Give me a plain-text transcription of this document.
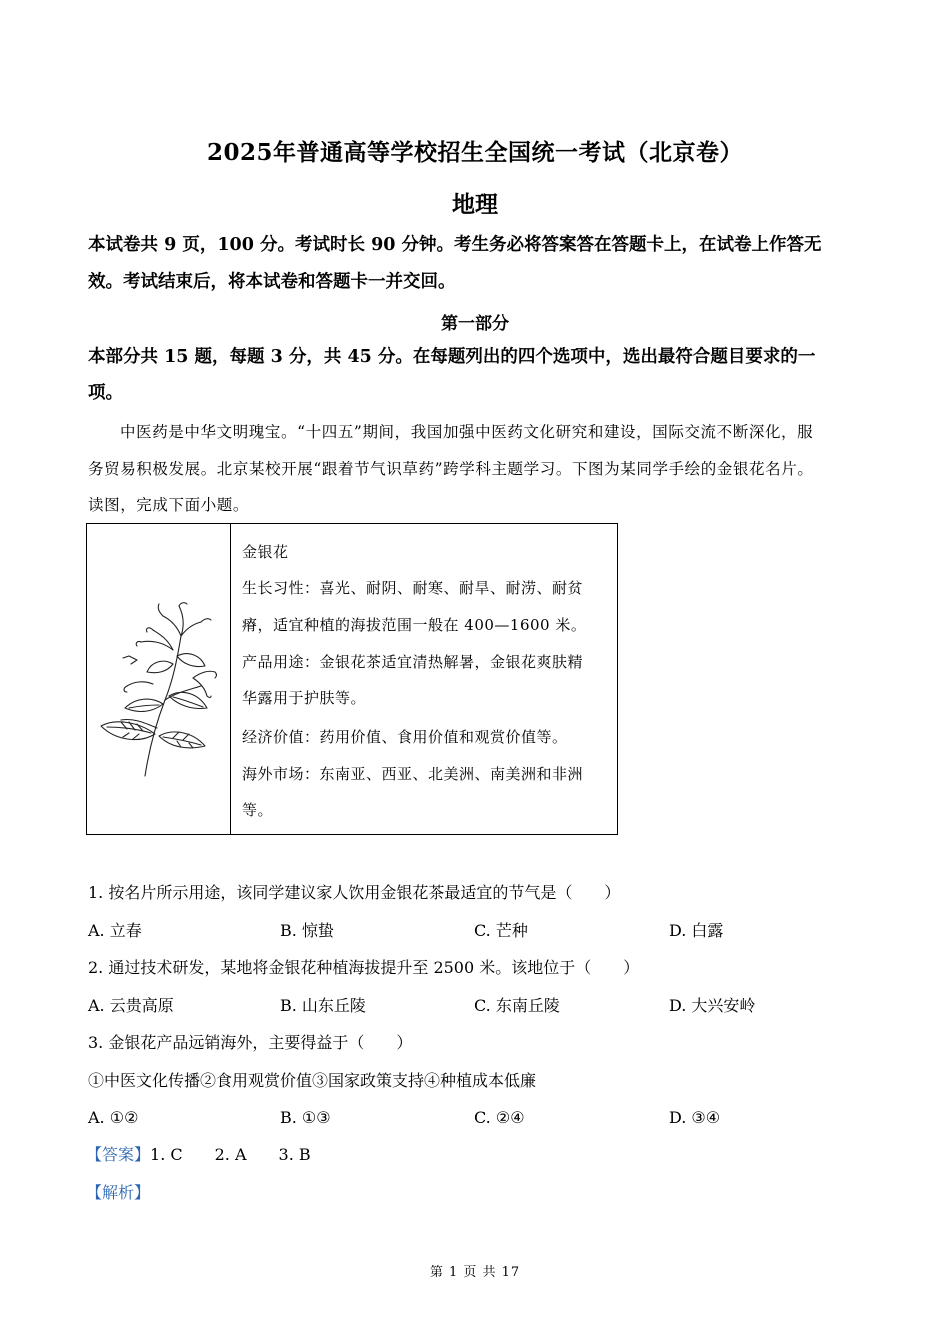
2025年普通高等学校招生全国统一考试（北京卷）
地理
本试卷共 9 页，100 分。考试时长 90 分钟。考生务必将答案答在答题卡上，在试卷上作答无
效。考试结束后，将本试卷和答题卡一并交回。
第一部分
本部分共 15 题，每题 3 分，共 45 分。在每题列出的四个选项中，选出最符合题目要求的一
项。
中医药是中华文明瑰宝。“十四五”期间，我国加强中医药文化研究和建设，国际交流不断深化，服
务贸易积极发展。北京某校开展“跟着节气识草药”跨学科主题学习。下图为某同学手绘的金银花名片。
读图，完成下面小题。
金银花
生长习性：喜光、耐阴、耐寒、耐旱、耐涝、耐贫
瘠，适宜种植的海拔范围一般在 400—1600 米。
产品用途：金银花茶适宜清热解暑，金银花爽肤精
华露用于护肤等。
经济价值：药用价值、食用价值和观赏价值等。
海外市场：东南亚、西亚、北美洲、南美洲和非洲
等。
1. 按名片所示用途，该同学建议家人饮用金银花茶最适宜的节气是（　　）
A. 立春	B. 惊蛰	C. 芒种	D. 白露
2. 通过技术研发，某地将金银花种植海拔提升至 2500 米。该地位于（　　）
A. 云贵高原	B. 山东丘陵	C. 东南丘陵	D. 大兴安岭
3. 金银花产品远销海外，主要得益于（　　）
①中医文化传播②食用观赏价值③国家政策支持④种植成本低廉
A. ①②	B. ①③	C. ②④	D. ③④
【答案】1. C　　2. A　　3. B
【解析】
第 1 页 共 17
